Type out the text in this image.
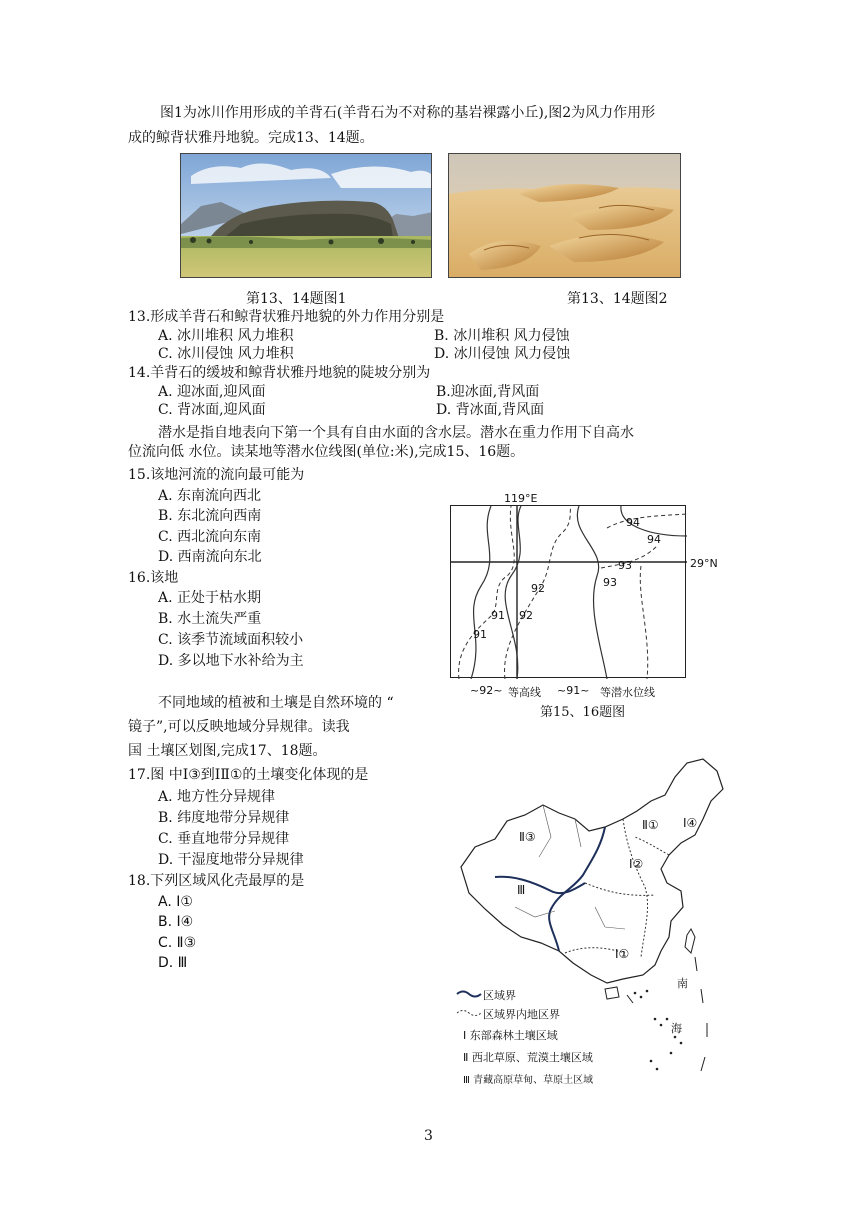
图1为冰川作用形成的羊背石(羊背石为不对称的基岩裸露小丘),图2为风力作用形
成的鲸背状雅丹地貌。完成13、14题。
第13、14题图1	第13、14题图2
13.形成羊背石和鲸背状雅丹地貌的外力作用分别是
A. 冰川堆积 风力堆积	B. 冰川堆积 风力侵蚀
C. 冰川侵蚀 风力堆积	D. 冰川侵蚀 风力侵蚀
14.羊背石的缓坡和鲸背状雅丹地貌的陡坡分别为
A. 迎冰面,迎风面	B.迎冰面,背风面
C. 背冰面,迎风面	D. 背冰面,背风面
潜水是指自地表向下第一个具有自由水面的含水层。潜水在重力作用下自高水
位流向低 水位。读某地等潜水位线图(单位:米),完成15、16题。
15.该地河流的流向最可能为
A. 东南流向西北
B. 东北流向西南
C. 西北流向东南
D. 西南流向东北
16.该地
A. 正处于枯水期
B. 水土流失严重
C. 该季节流域面积较小
D. 多以地下水补给为主
119°E
29°N
94
94
93
93
92
92
91
91
~92~ 等高线 ~91~ 等潜水位线
第15、16题图
不同地域的植被和土壤是自然环境的 “
镜子”,可以反映地域分异规律。读我
国 土壤区划图,完成17、18题。
17.图 中Ⅰ③到ⅠⅡ①的土壤变化体现的是
A. 地方性分异规律
B. 纬度地带分异规律
C. 垂直地带分异规律
D. 干湿度地带分异规律
18.下列区域风化壳最厚的是
A. Ⅰ①
B. Ⅰ④
C. Ⅱ③
D. Ⅲ
Ⅰ④
Ⅱ③
Ⅱ①
Ⅰ②
Ⅲ
Ⅰ①
南
海
区域界
区域界内地区界
Ⅰ 东部森林土壤区域
Ⅱ 西北草原、荒漠土壤区域
Ⅲ 青藏高原草甸、草原土区域
3
